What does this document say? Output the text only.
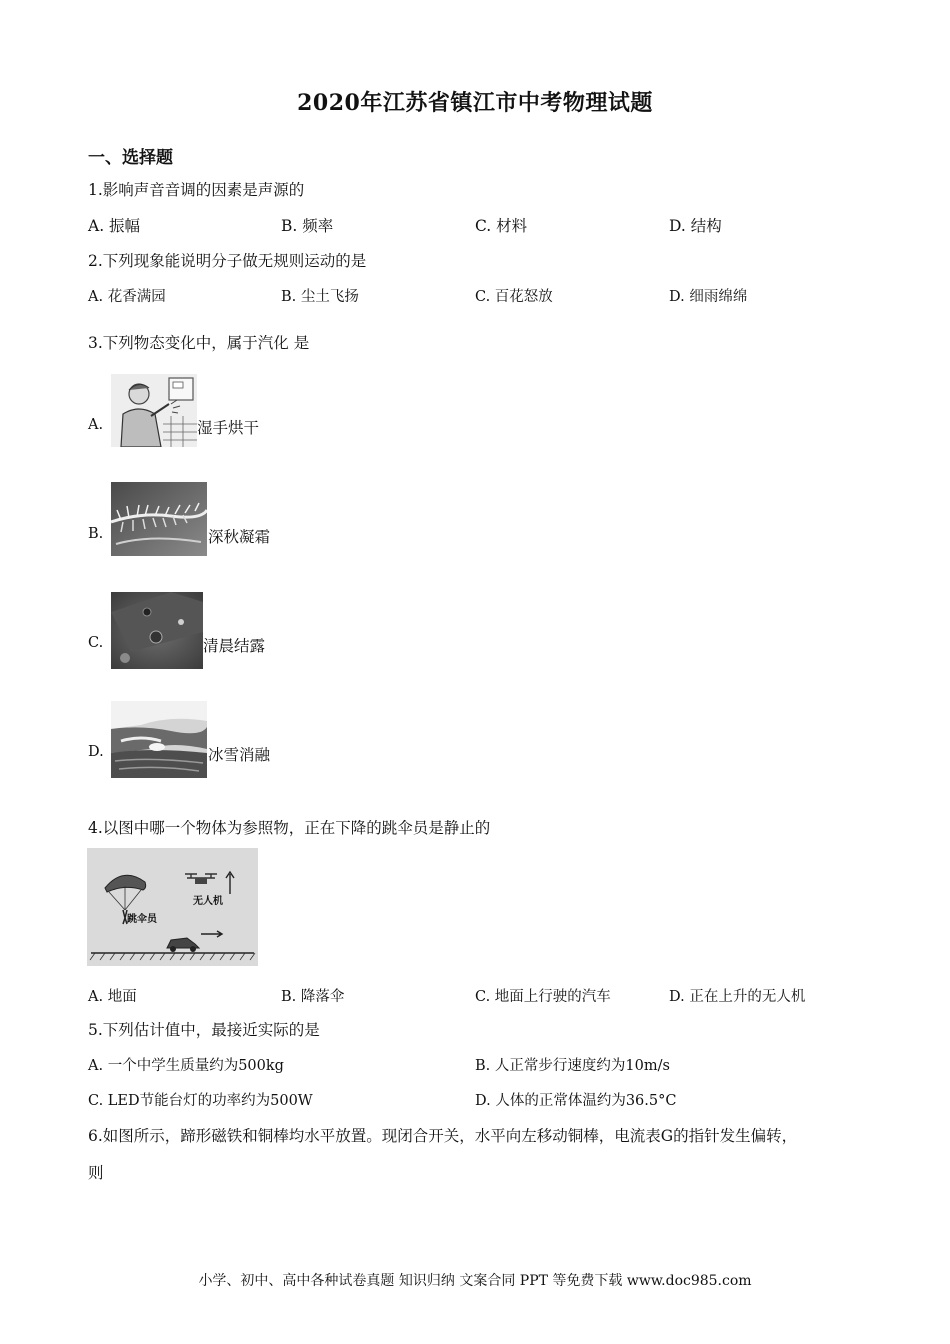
2020年江苏省镇江市中考物理试题
一、选择题
1.影响声音音调的因素是声源的
A. 振幅	B. 频率	C. 材料	D. 结构
2.下列现象能说明分子做无规则运动的是
A. 花香满园	B. 尘土飞扬	C. 百花怒放	D. 细雨绵绵
3.下列物态变化中，属于汽化 是
A.	湿手烘干
B.	深秋凝霜
C.	清晨结露
D.	冰雪消融
4.以图中哪一个物体为参照物，正在下降的跳伞员是静止的
无人机
跳伞员
A. 地面	B. 降落伞	C. 地面上行驶的汽车	D. 正在上升的无人机
5.下列估计值中，最接近实际的是
A. 一个中学生质量约为500kg	B. 人正常步行速度约为10m/s
C. LED节能台灯的功率约为500W	D. 人体的正常体温约为36.5°C
6.如图所示，蹄形磁铁和铜棒均水平放置。现闭合开关，水平向左移动铜棒，电流表G的指针发生偏转，
则
小学、初中、高中各种试卷真题 知识归纳 文案合同 PPT 等免费下载 www.doc985.com
